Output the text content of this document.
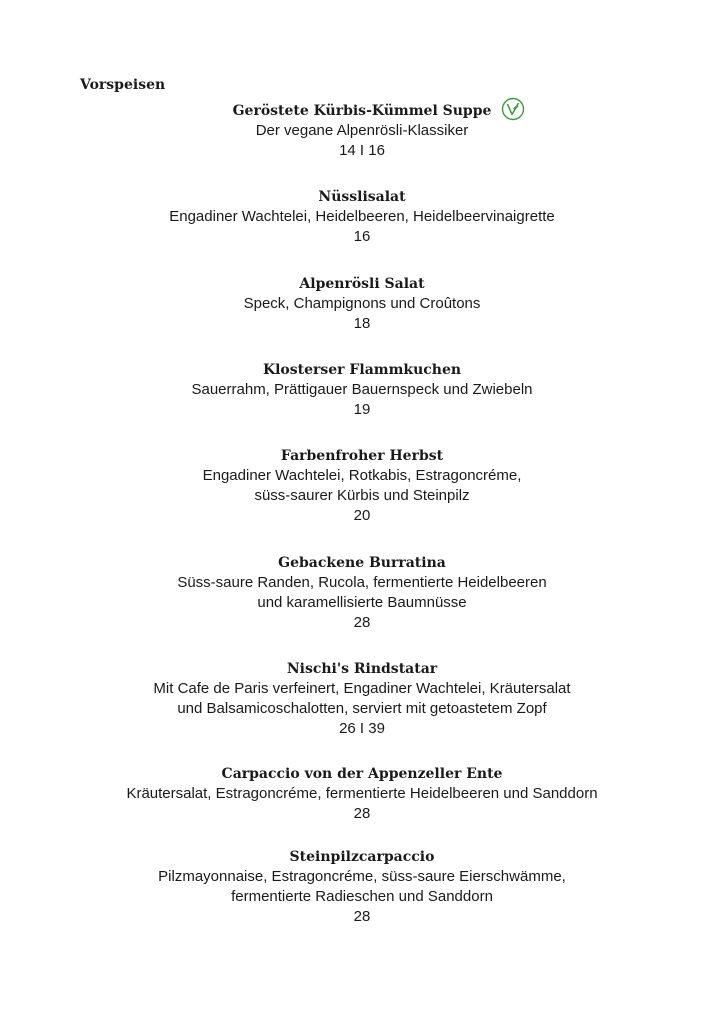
Vorspeisen
Geröstete Kürbis-Kümmel Suppe
Der vegane Alpenrösli-Klassiker
14 I 16
Nüsslisalat
Engadiner Wachtelei, Heidelbeeren, Heidelbeervinaigrette
16
Alpenrösli Salat
Speck, Champignons und Croûtons
18
Klosterser Flammkuchen
Sauerrahm, Prättigauer Bauernspeck und Zwiebeln
19
Farbenfroher Herbst
Engadiner Wachtelei, Rotkabis, Estragoncréme,
süss-saurer Kürbis und Steinpilz
20
Gebackene Burratina
Süss-saure Randen, Rucola, fermentierte Heidelbeeren
und karamellisierte Baumnüsse
28
Nischi's Rindstatar
Mit Cafe de Paris verfeinert, Engadiner Wachtelei, Kräutersalat
und Balsamicoschalotten, serviert mit getoastetem Zopf
26 I 39
Carpaccio von der Appenzeller Ente
Kräutersalat, Estragoncréme, fermentierte Heidelbeeren und Sanddorn
28
Steinpilzcarpaccio
Pilzmayonnaise, Estragoncréme, süss-saure Eierschwämme,
fermentierte Radieschen und Sanddorn
28
